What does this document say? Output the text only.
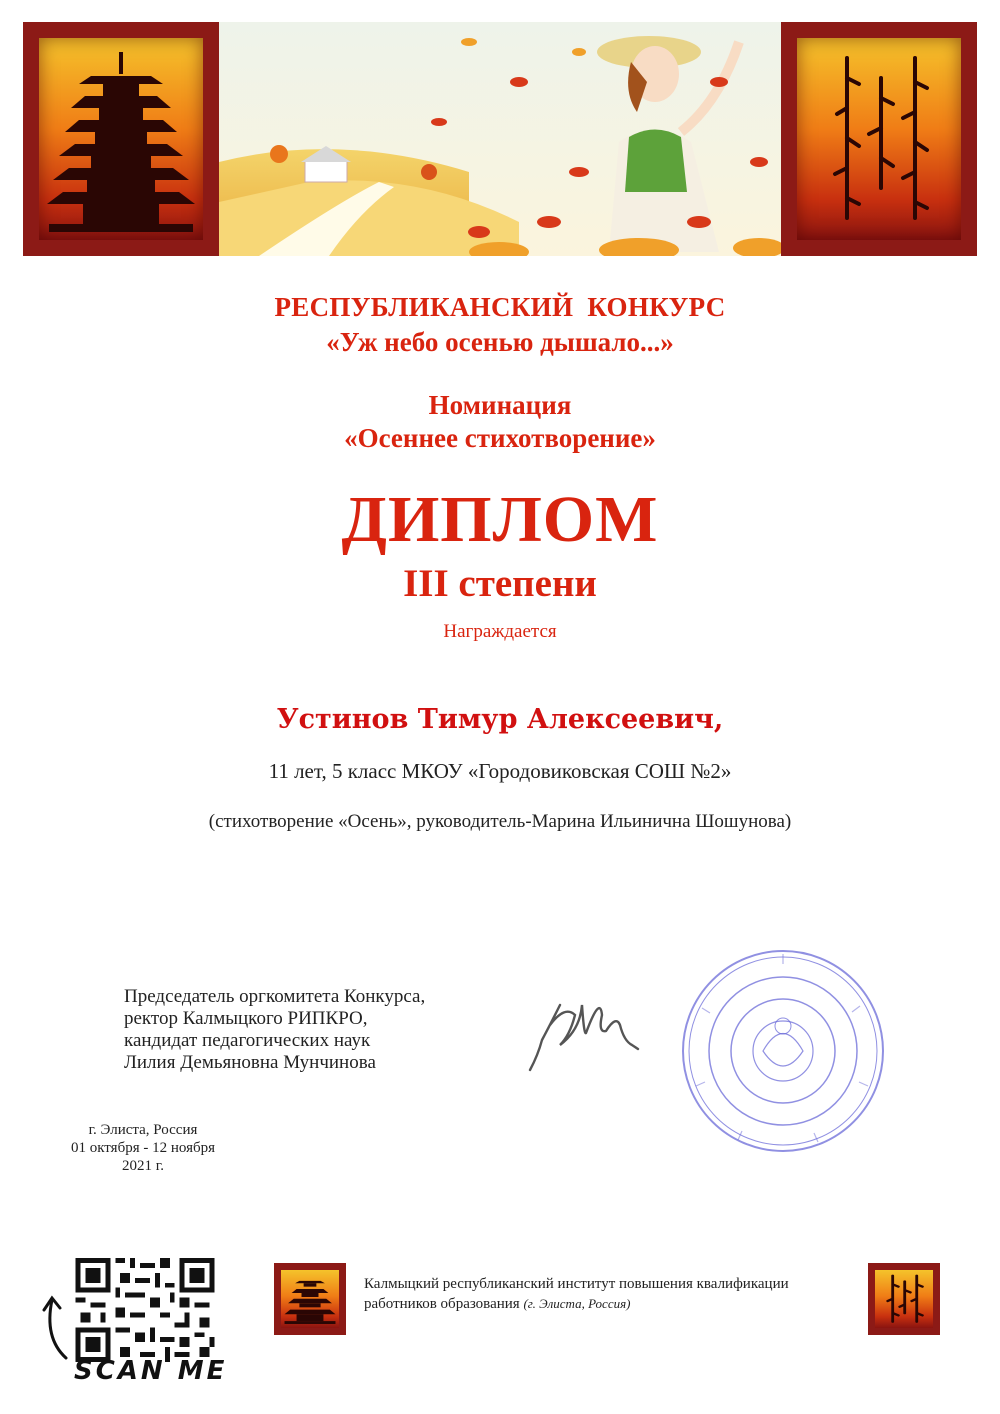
РЕСПУБЛИКАНСКИЙ  КОНКУРС
«Уж небо осенью дышало...»
Номинация
«Осеннее стихотворение»
ДИПЛОМ
III степени
Награждается
Устинов Тимур Алексеевич,
11 лет, 5 класс МКОУ «Городовиковская СОШ №2»
(стихотворение «Осень», руководитель-Марина Ильинична Шошунова)
Председатель оргкомитета Конкурса,
ректор Калмыцкого РИПКРО,
кандидат педагогических наук
Лилия Демьяновна Мунчинова
г. Элиста, Россия
01 октября - 12 ноября
2021 г.
SCAN ME
Калмыцкий республиканский институт повышения квалификации
работников образования (г. Элиста, Россия)
